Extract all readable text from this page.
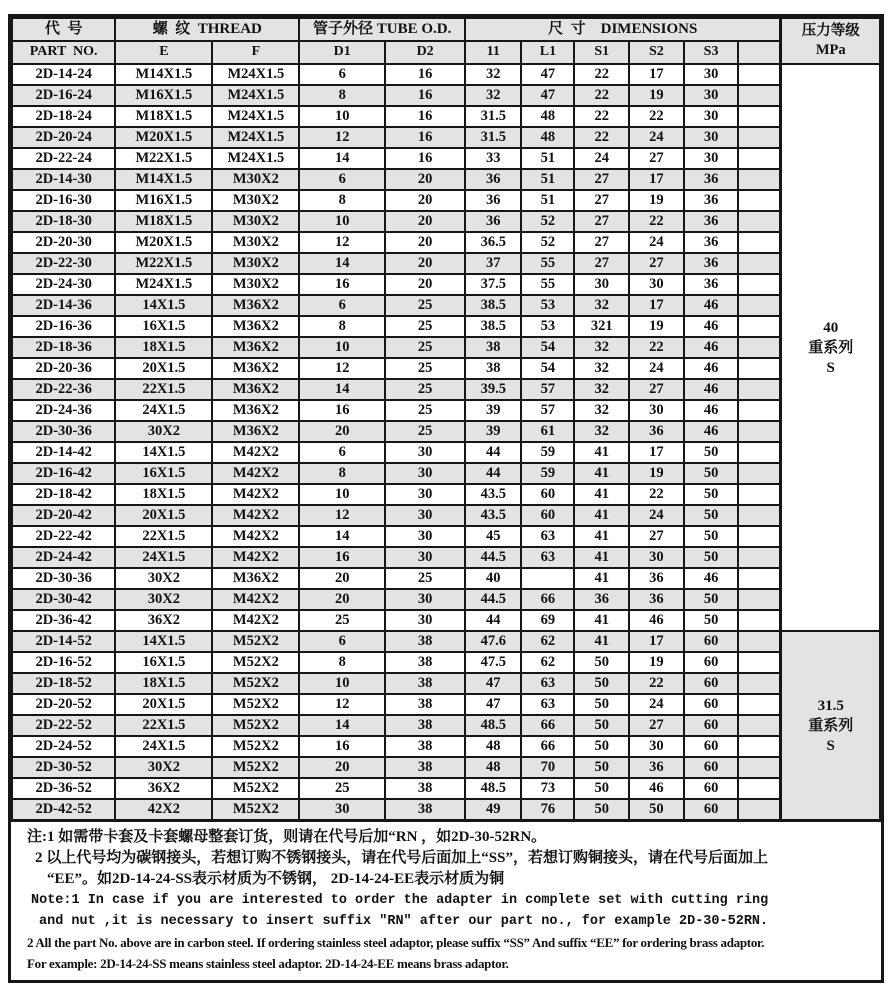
代  号	螺  纹  THREAD		管子外径 TUBE O.D.		尺  寸    DIMENSIONS						压力等级
MPa

PART  NO.	E	F	D1	D2	11	L1	S1	S2	S3		
2D-14-24	M14X1.5	M24X1.5	6	16	32	47	22	17	30		40
重系列
S

2D-16-24	M16X1.5	M24X1.5	8	16	32	47	22	19	30		
2D-18-24	M18X1.5	M24X1.5	10	16	31.5	48	22	22	30		
2D-20-24	M20X1.5	M24X1.5	12	16	31.5	48	22	24	30		
2D-22-24	M22X1.5	M24X1.5	14	16	33	51	24	27	30		
2D-14-30	M14X1.5	M30X2	6	20	36	51	27	17	36		
2D-16-30	M16X1.5	M30X2	8	20	36	51	27	19	36		
2D-18-30	M18X1.5	M30X2	10	20	36	52	27	22	36		
2D-20-30	M20X1.5	M30X2	12	20	36.5	52	27	24	36		
2D-22-30	M22X1.5	M30X2	14	20	37	55	27	27	36		
2D-24-30	M24X1.5	M30X2	16	20	37.5	55	30	30	36		
2D-14-36	14X1.5	M36X2	6	25	38.5	53	32	17	46		
2D-16-36	16X1.5	M36X2	8	25	38.5	53	321	19	46		
2D-18-36	18X1.5	M36X2	10	25	38	54	32	22	46		
2D-20-36	20X1.5	M36X2	12	25	38	54	32	24	46		
2D-22-36	22X1.5	M36X2	14	25	39.5	57	32	27	46		
2D-24-36	24X1.5	M36X2	16	25	39	57	32	30	46		
2D-30-36	30X2	M36X2	20	25	39	61	32	36	46		
2D-14-42	14X1.5	M42X2	6	30	44	59	41	17	50		
2D-16-42	16X1.5	M42X2	8	30	44	59	41	19	50		
2D-18-42	18X1.5	M42X2	10	30	43.5	60	41	22	50		
2D-20-42	20X1.5	M42X2	12	30	43.5	60	41	24	50		
2D-22-42	22X1.5	M42X2	14	30	45	63	41	27	50		
2D-24-42	24X1.5	M42X2	16	30	44.5	63	41	30	50		
2D-30-36	30X2	M36X2	20	25	40		41	36	46		
2D-30-42	30X2	M42X2	20	30	44.5	66	36	36	50		
2D-36-42	36X2	M42X2	25	30	44	69	41	46	50		
2D-14-52	14X1.5	M52X2	6	38	47.6	62	41	17	60		31.5
重系列
S

2D-16-52	16X1.5	M52X2	8	38	47.5	62	50	19	60		
2D-18-52	18X1.5	M52X2	10	38	47	63	50	22	60		
2D-20-52	20X1.5	M52X2	12	38	47	63	50	24	60		
2D-22-52	22X1.5	M52X2	14	38	48.5	66	50	27	60		
2D-24-52	24X1.5	M52X2	16	38	48	66	50	30	60		
2D-30-52	30X2	M52X2	20	38	48	70	50	36	60		
2D-36-52	36X2	M52X2	25	38	48.5	73	50	46	60		
2D-42-52	42X2	M52X2	30	38	49	76	50	50	60		
注:1 如需带卡套及卡套螺母整套订货，则请在代号后加“RN ，如2D-30-52RN。
2 以上代号均为碳钢接头，若想订购不锈钢接头，请在代号后面加上“SS”，若想订购铜接头，请在代号后面加上
“EE”。如2D-14-24-SS表示材质为不锈钢， 2D-14-24-EE表示材质为铜
Note:1 In case if you are interested to order the adapter in complete set with cutting ring
and nut ,it is necessary to insert suffix "RN" after our part no., for example 2D-30-52RN.
2 All the part No. above are in carbon steel. If ordering stainless steel adaptor, please suffix “SS” And suffix “EE” for ordering brass adaptor.
For example: 2D-14-24-SS means stainless steel adaptor. 2D-14-24-EE means brass adaptor.
